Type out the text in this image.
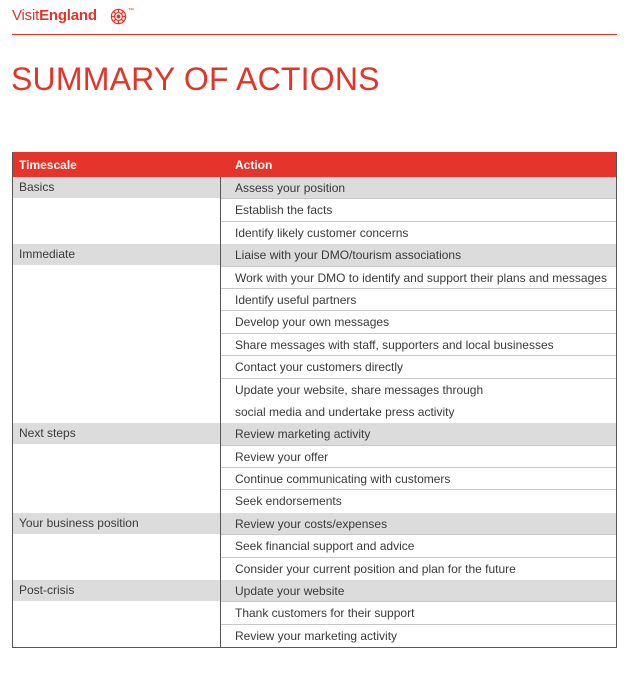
VisitEngland	™
SUMMARY OF ACTIONS
Timescale	Action
Basics	Assess your position
Establish the facts
Identify likely customer concerns
Immediate	Liaise with your DMO/tourism associations
Work with your DMO to identify and support their plans and messages
Identify useful partners
Develop your own messages
Share messages with staff, supporters and local businesses
Contact your customers directly
Update your website, share messages through
social media and undertake press activity
Next steps	Review marketing activity
Review your offer
Continue communicating with customers
Seek endorsements
Your business position	Review your costs/expenses
Seek financial support and advice
Consider your current position and plan for the future
Post-crisis	Update your website
Thank customers for their support
Review your marketing activity
